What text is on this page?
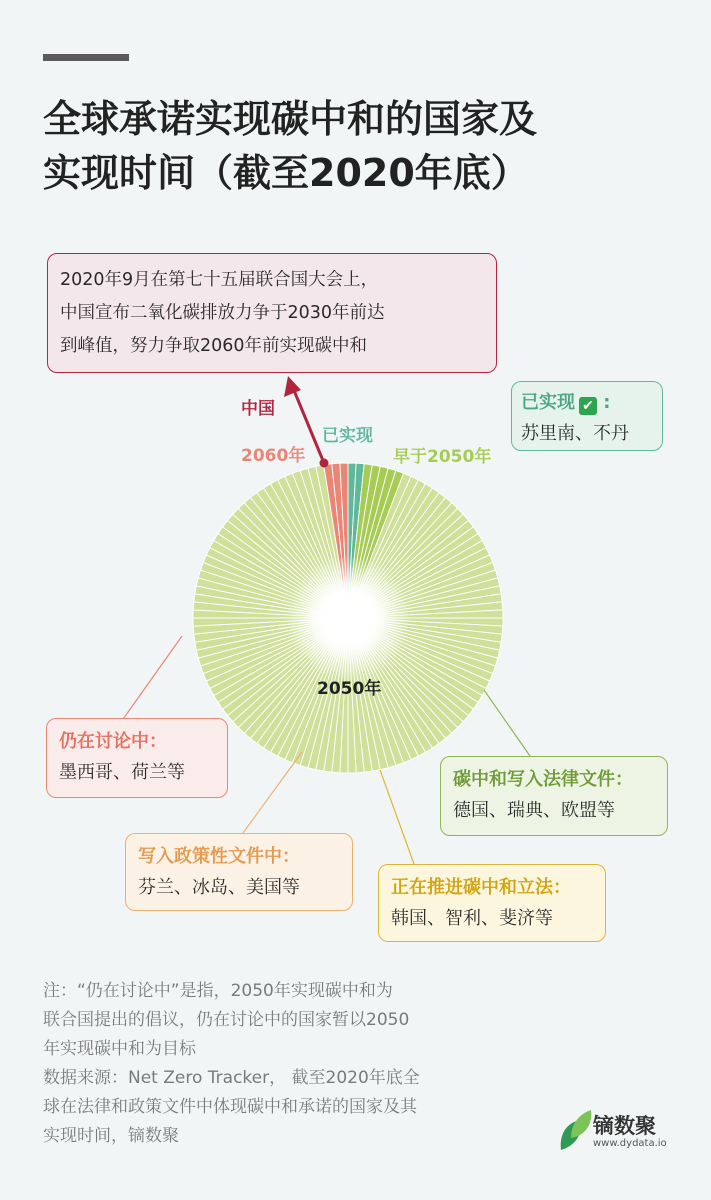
全球承诺实现碳中和的国家及
实现时间（截至2020年底）
2020年9月在第七十五届联合国大会上，
中国宣布二氧化碳排放力争于2030年前达
到峰值，努力争取2060年前实现碳中和
已实现 ✔ :
苏里南、不丹
中国
2060年
已实现
早于2050年
2050年
仍在讨论中：
墨西哥、荷兰等	碳中和写入法律文件：
德国、瑞典、欧盟等
写入政策性文件中：
芬兰、冰岛、美国等	正在推进碳中和立法：
韩国、智利、斐济等
注：“仍在讨论中”是指，2050年实现碳中和为
联合国提出的倡议，仍在讨论中的国家暂以2050
年实现碳中和为目标
数据来源：Net Zero Tracker， 截至2020年底全
球在法律和政策文件中体现碳中和承诺的国家及其
实现时间，镝数聚	镝数聚
www.dydata.io
